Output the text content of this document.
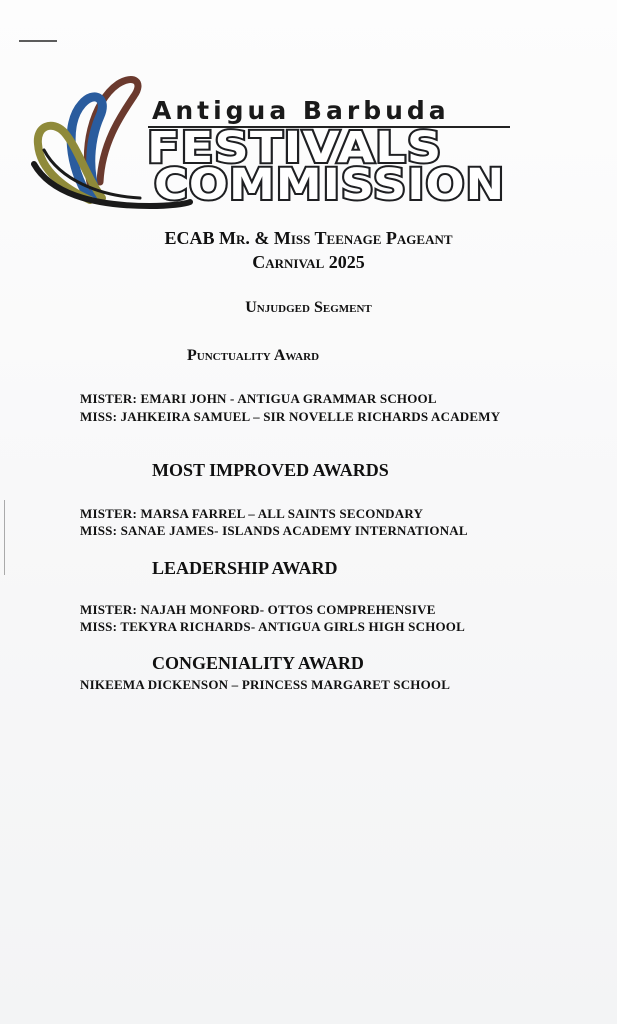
Antigua Barbuda
FESTIVALS
COMMISSION
ECAB Mr. & Miss Teenage Pageant
Carnival 2025
Unjudged Segment
Punctuality Award
MISTER: EMARI JOHN - ANTIGUA GRAMMAR SCHOOL
MISS: JAHKEIRA SAMUEL – SIR NOVELLE RICHARDS ACADEMY
MOST IMPROVED AWARDS
MISTER: MARSA FARREL – ALL SAINTS SECONDARY
MISS: SANAE JAMES- ISLANDS ACADEMY INTERNATIONAL
LEADERSHIP AWARD
MISTER: NAJAH MONFORD- OTTOS COMPREHENSIVE
MISS: TEKYRA RICHARDS- ANTIGUA GIRLS HIGH SCHOOL
CONGENIALITY AWARD
NIKEEMA DICKENSON – PRINCESS MARGARET SCHOOL
